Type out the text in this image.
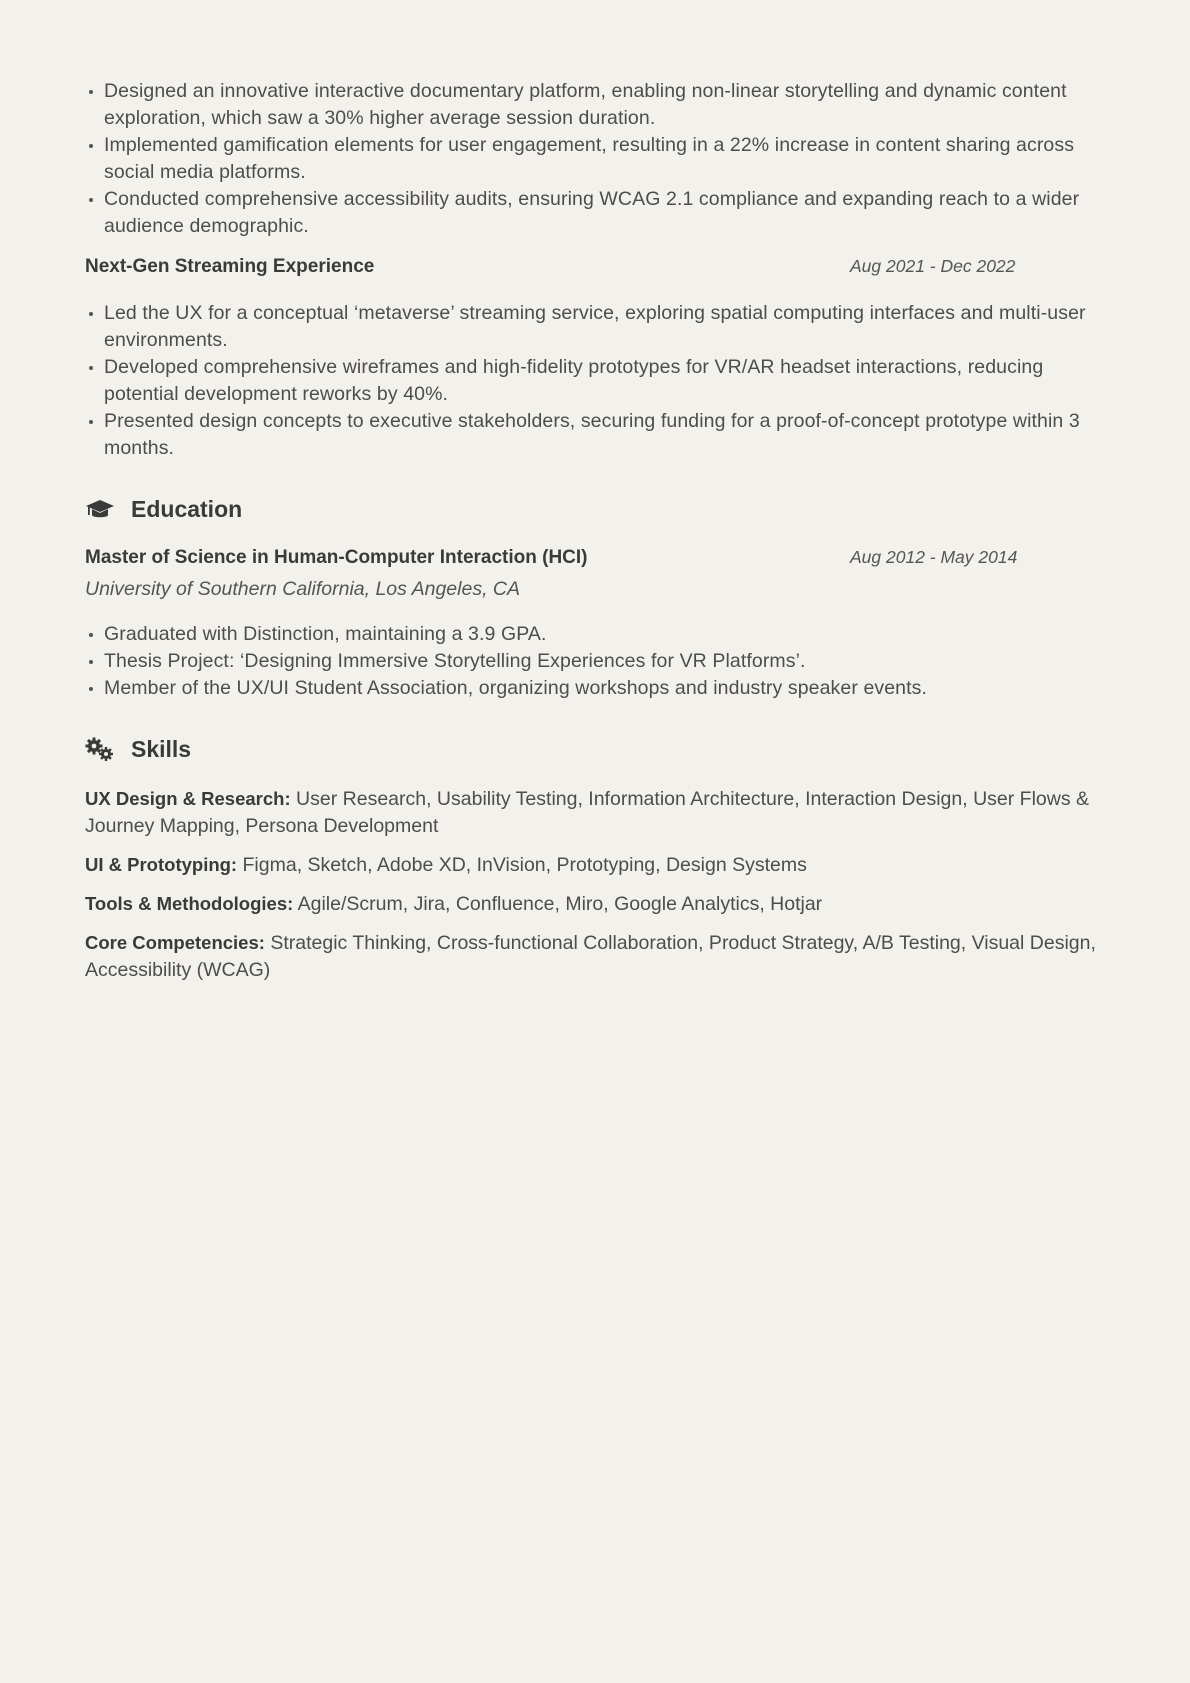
Designed an innovative interactive documentary platform, enabling non-linear storytelling and dynamic content exploration, which saw a 30% higher average session duration.
Implemented gamification elements for user engagement, resulting in a 22% increase in content sharing across social media platforms.
Conducted comprehensive accessibility audits, ensuring WCAG 2.1 compliance and expanding reach to a wider audience demographic.
Next-Gen Streaming Experience	Aug 2021 - Dec 2022
Led the UX for a conceptual ‘metaverse’ streaming service, exploring spatial computing interfaces and multi-user environments.
Developed comprehensive wireframes and high-fidelity prototypes for VR/AR headset interactions, reducing potential development reworks by 40%.
Presented design concepts to executive stakeholders, securing funding for a proof-of-concept prototype within 3 months.
Education
Master of Science in Human-Computer Interaction (HCI)	Aug 2012 - May 2014
University of Southern California, Los Angeles, CA
Graduated with Distinction, maintaining a 3.9 GPA.
Thesis Project: ‘Designing Immersive Storytelling Experiences for VR Platforms’.
Member of the UX/UI Student Association, organizing workshops and industry speaker events.
Skills

UX Design & Research: User Research, Usability Testing, Information Architecture, Interaction Design, User Flows & Journey Mapping, Persona Development

UI & Prototyping: Figma, Sketch, Adobe XD, InVision, Prototyping, Design Systems

Tools & Methodologies: Agile/Scrum, Jira, Confluence, Miro, Google Analytics, Hotjar

Core Competencies: Strategic Thinking, Cross-functional Collaboration, Product Strategy, A/B Testing, Visual Design, Accessibility (WCAG)
